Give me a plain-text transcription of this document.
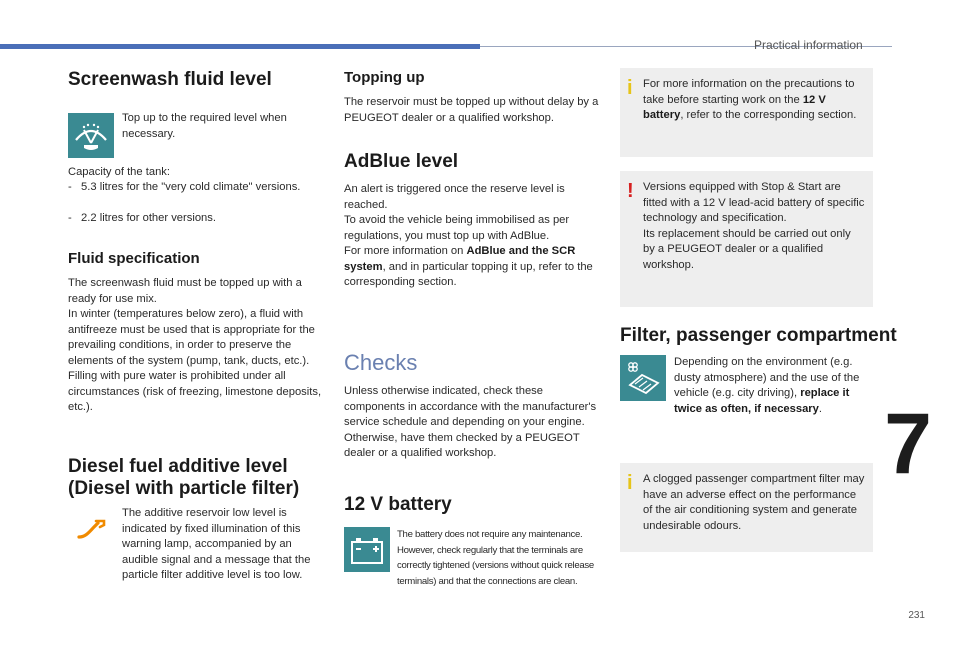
Practical information
7
231
Screenwash fluid level

Top up to the required level when necessary.

Capacity of the tank:

-   5.3 litres for the "very cold climate" versions.

-   2.2 litres for other versions.

Fluid specification

The screenwash fluid must be topped up with a ready for use mix.

In winter (temperatures below zero), a fluid with antifreeze must be used that is appropriate for the prevailing conditions, in order to preserve the elements of the system (pump, tank, ducts, etc.).

Filling with pure water is prohibited under all circumstances (risk of freezing, limestone deposits, etc.).

Diesel fuel additive level
(Diesel with particle filter)

The additive reservoir low level is indicated by fixed illumination of this warning lamp, accompanied by an audible signal and a message that the particle filter additive level is too low.

Topping up

The reservoir must be topped up without delay by a PEUGEOT dealer or a qualified workshop.

AdBlue level

An alert is triggered once the reserve level is reached.

To avoid the vehicle being immobilised as per regulations, you must top up with AdBlue.

For more information on AdBlue and the SCR system, and in particular topping it up, refer to the corresponding section.

Checks

Unless otherwise indicated, check these components in accordance with the manufacturer's service schedule and depending on your engine.

Otherwise, have them checked by a PEUGEOT dealer or a qualified workshop.

12 V battery

The battery does not require any maintenance. However, check regularly that the terminals are correctly tightened (versions without quick release terminals) and that the connections are clean.

i For more information on the precautions to take before starting work on the 12 V battery, refer to the corresponding section.

! Versions equipped with Stop & Start are fitted with a 12 V lead-acid battery of specific technology and specification.

Its replacement should be carried out only by a PEUGEOT dealer or a qualified workshop.

Filter, passenger compartment

Depending on the environment (e.g. dusty atmosphere) and the use of the vehicle (e.g. city driving), replace it twice as often, if necessary.

i A clogged passenger compartment filter may have an adverse effect on the performance of the air conditioning system and generate undesirable odours.
